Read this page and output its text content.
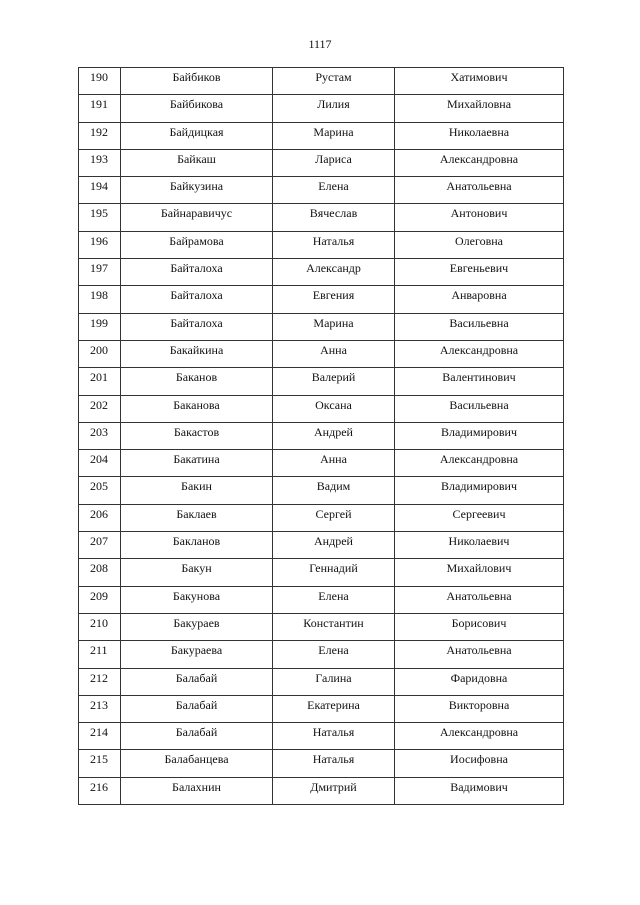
1117
190	Байбиков	Рустам	Хатимович
191	Байбикова	Лилия	Михайловна
192	Байдицкая	Марина	Николаевна
193	Байкаш	Лариса	Александровна
194	Байкузина	Елена	Анатольевна
195	Байнаравичус	Вячеслав	Антонович
196	Байрамова	Наталья	Олеговна
197	Байталоха	Александр	Евгеньевич
198	Байталоха	Евгения	Анваровна
199	Байталоха	Марина	Васильевна
200	Бакайкина	Анна	Александровна
201	Баканов	Валерий	Валентинович
202	Баканова	Оксана	Васильевна
203	Бакастов	Андрей	Владимирович
204	Бакатина	Анна	Александровна
205	Бакин	Вадим	Владимирович
206	Баклаев	Сергей	Сергеевич
207	Бакланов	Андрей	Николаевич
208	Бакун	Геннадий	Михайлович
209	Бакунова	Елена	Анатольевна
210	Бакураев	Константин	Борисович
211	Бакураева	Елена	Анатольевна
212	Балабай	Галина	Фаридовна
213	Балабай	Екатерина	Викторовна
214	Балабай	Наталья	Александровна
215	Балабанцева	Наталья	Иосифовна
216	Балахнин	Дмитрий	Вадимович
